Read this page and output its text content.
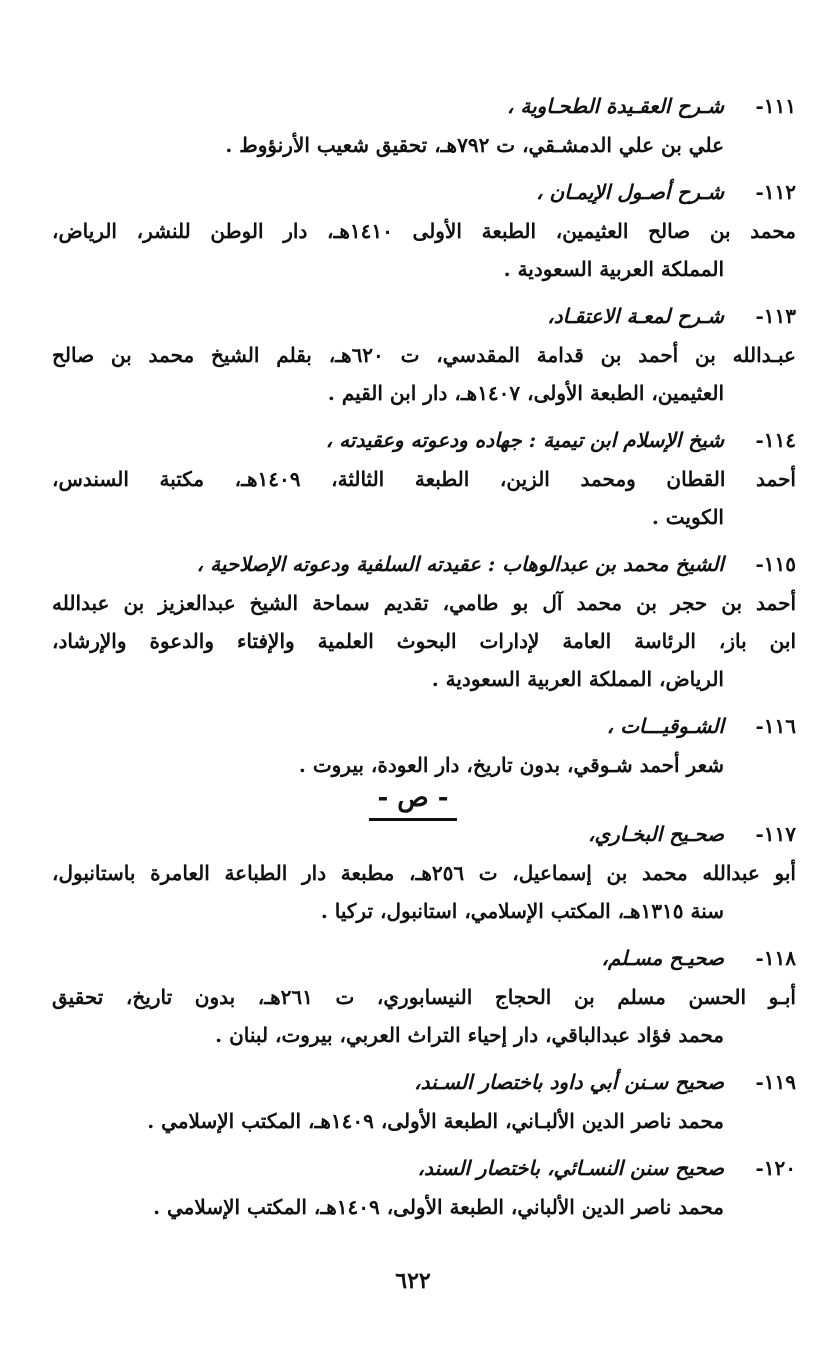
١١١-
شـرح العقـيدة الطحـاوية ،
علي بن علي الدمشـقي، ت ٧٩٢هـ، تحقيق شعيب الأرنؤوط .
١١٢-
شـرح أصـول الإيمـان ،
محمد بن صالح العثيمين، الطبعة الأولى ١٤١٠هـ، دار الوطن للنشر، الرياض،
المملكة العربية السعودية .
١١٣-
شـرح لمعـة الاعتقـاد،
عبـدالله بن أحمد بن قدامة المقدسي، ت ٦٢٠هـ، بقلم الشيخ محمد بن صالح
العثيمين، الطبعة الأولى، ١٤٠٧هـ، دار ابن القيم .
١١٤-
شيخ الإسلام ابن تيمية : جهاده ودعوته وعقيدته ،
أحمد القطان ومحمد الزين، الطبعة الثالثة، ١٤٠٩هـ، مكتبة السندس،
الكويت .
١١٥-
الشيخ محمد بن عبدالوهاب : عقيدته السلفية ودعوته الإصلاحية ،
أحمد بن حجر بن محمد آل بو طامي، تقديم سماحة الشيخ عبدالعزيز بن عبدالله
ابن باز، الرئاسة العامة لإدارات البحوث العلمية والإفتاء والدعوة والإرشاد،
الرياض، المملكة العربية السعودية .
١١٦-
الشـوقيـــات ،
شعر أحمد شـوقي، بدون تاريخ، دار العودة، بيروت .
- ص -
١١٧-
صحـيح البخـاري،
أبو عبدالله محمد بن إسماعيل، ت ٢٥٦هـ، مطبعة دار الطباعة العامرة باستانبول،
سنة ١٣١٥هـ، المكتب الإسلامي، استانبول، تركيا .
١١٨-
صحيـح مسـلم،
أبـو الحسن مسلم بن الحجاج النيسابوري، ت ٢٦١هـ، بدون تاريخ، تحقيق
محمد فؤاد عبدالباقي، دار إحياء التراث العربي، بيروت، لبنان .
١١٩-
صحيح سـنن أبي داود باختصار السـند،
محمد ناصر الدين الألبـاني، الطبعة الأولى، ١٤٠٩هـ، المكتب الإسلامي .
١٢٠-
صحيح سنن النسـائي، باختصار السند،
محمد ناصر الدين الألباني، الطبعة الأولى، ١٤٠٩هـ، المكتب الإسلامي .
٦٢٢
